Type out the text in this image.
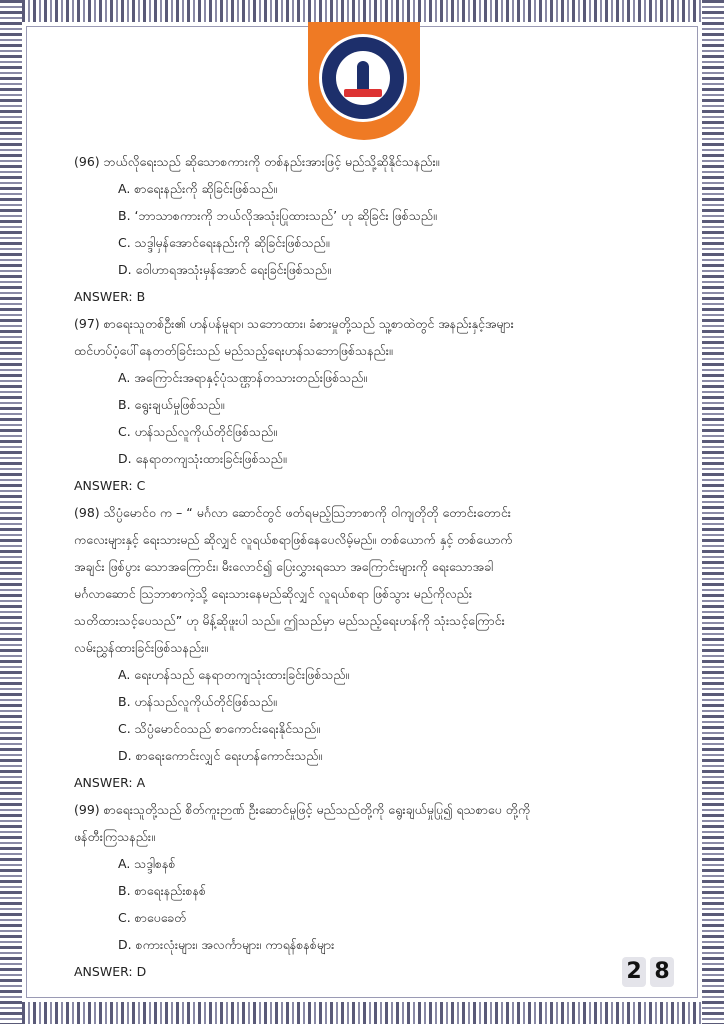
(96) ဘယ်လိုရေးသည် ဆိုသောစကားကို တစ်နည်းအားဖြင့် မည်သို့ဆိုနိုင်သနည်း။
A. စာရေးနည်းကို ဆိုခြင်းဖြစ်သည်။
B. ‘ဘာသာစကားကို ဘယ်လိုအသုံးပြုထားသည်’ ဟု ဆိုခြင်း ဖြစ်သည်။
C. သဒ္ဒါမှန်အောင်ရေးနည်းကို ဆိုခြင်းဖြစ်သည်။
D. ဝေါဟာရအသုံးမှန်အောင် ရေးခြင်းဖြစ်သည်။
ANSWER: B
(97) စာရေးသူတစ်ဦး၏ ဟန်ပန်မူရာ၊ သဘောထား၊ ခံစားမှုတို့သည် သူ့စာထဲတွင် အနည်းနှင့်အများ
ထင်ဟပ်ပံ့ပေါ်နေတတ်ခြင်းသည် မည်သည့်ရေးဟန်သဘောဖြစ်သနည်း။
A. အကြောင်းအရာနှင့်ပုံသဏ္ဌာန်တသားတည်းဖြစ်သည်။
B. ရွေးချယ်မှုဖြစ်သည်။
C. ဟန်သည်လူကိုယ်တိုင်ဖြစ်သည်။
D. နေရာတကျသုံးထားခြင်းဖြစ်သည်။
ANSWER: C
(98) သိပ္ပံမောင်ဝ က – “ မင်္ဂလာ ဆောင်တွင် ဖတ်ရမည့်ဩဘာစာကို ဝါကျတိုတို တောင်းတောင်း
ကလေးများနှင့် ရေးသားမည် ဆိုလျှင် လူရယ်စရာဖြစ်နေပေလိမ့်မည်။ တစ်ယောက် နှင့် တစ်ယောက်
အချင်း ဖြစ်ပွား သောအကြောင်း၊ မီးလောင်၍ ပြေးလွှားရသော အကြောင်းများကို ရေးသောအခါ
မင်္ဂလာဆောင် ဩဘာစာကဲ့သို့ ရေးသားနေမည်ဆိုလျှင် လူရယ်စရာ ဖြစ်သွား မည်ကိုလည်း
သတိထားသင့်ပေသည်” ဟု မိန့်ဆိုဖူးပါ သည်။ ဤသည်မှာ မည်သည့်ရေးဟန်ကို သုံးသင့်ကြောင်း
လမ်းညွှန်ထားခြင်းဖြစ်သနည်း။
A. ရေးဟန်သည် နေရာတကျသုံးထားခြင်းဖြစ်သည်။
B. ဟန်သည်လူကိုယ်တိုင်ဖြစ်သည်။
C. သိပ္ပံမောင်ဝသည် စာကောင်းရေးနိုင်သည်။
D. စာရေးကောင်းလျှင် ရေးဟန်ကောင်းသည်။
ANSWER: A
(99) စာရေးသူတို့သည် စိတ်ကူးဉာဏ် ဦးဆောင်မှုဖြင့် မည်သည်တို့ကို ရွေးချယ်မှုပြု၍ ရသစာပေ တို့ကို
ဖန်တီးကြသနည်း။
A. သဒ္ဒါစနစ်
B. စာရေးနည်းစနစ်
C. စာပေခေတ်
D. စကားလုံးများ၊ အလင်္ကာများ၊ ကာရန်စနစ်များ
ANSWER: D	2 8
